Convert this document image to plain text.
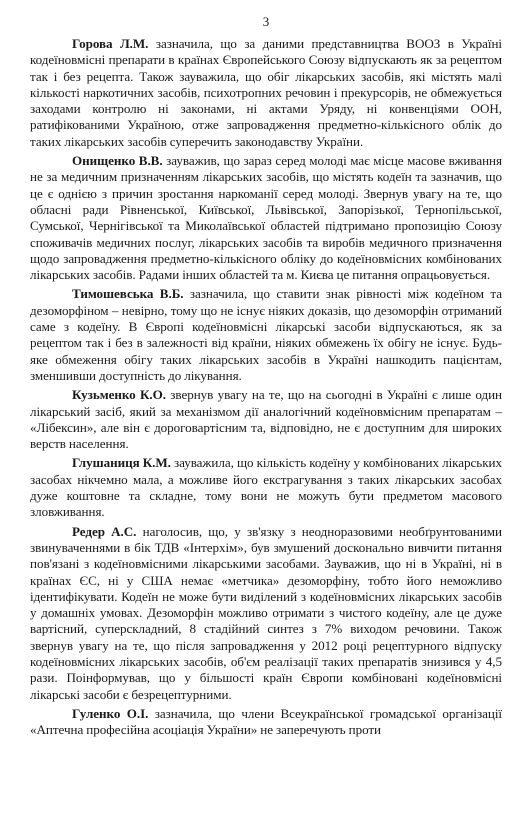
3

Горова Л.М. зазначила, що за даними представництва ВООЗ в Україні кодеїновмісні препарати в країнах Європейського Союзу відпускають як за рецептом так і без рецепта. Також зауважила, що обіг лікарських засобів, які містять малі кількості наркотичних засобів, психотропних речовин і прекурсорів, не обмежується заходами контролю ні законами, ні актами Уряду, ні конвенціями ООН, ратифікованими Україною, отже запровадження предметно-кількісного облік до таких лікарських засобів суперечить законодавству України.

Онищенко В.В. зауважив, що зараз серед молоді має місце масове вживання не за медичним призначенням лікарських засобів, що містять кодеїн та зазначив, що це є однією з причин зростання наркоманії серед молоді. Звернув увагу на те, що обласні ради Рівненської, Київської, Львівської, Запорізької, Тернопільської, Сумської, Чернігівської та Миколаївської областей підтримано пропозицію Союзу споживачів медичних послуг, лікарських засобів та виробів медичного призначення щодо запровадження предметно-кількісного обліку до кодеїновмісних комбінованих лікарських засобів. Радами інших областей та м. Києва це питання опрацьовується.

Тимошевська В.Б. зазначила, що ставити знак рівності між кодеїном та дезоморфіном – невірно, тому що не існує ніяких доказів, що дезоморфін отриманий саме з кодеїну. В Європі кодеїновмісні лікарські засоби відпускаються, як за рецептом так і без в залежності від країни, ніяких обмежень їх обігу не існує. Будь-яке обмеження обігу таких лікарських засобів в Україні нашкодить пацієнтам, зменшивши доступність до лікування.

Кузьменко К.О. звернув увагу на те, що на сьогодні в Україні є лише один лікарський засіб, який за механізмом дії аналогічний кодеїновмісним препаратам – «Лібексин», але він є дороговартісним та, відповідно, не є доступним для широких верств населення.

Глушаниця К.М. зауважила, що кількість кодеїну у комбінованих лікарських засобах нікчемно мала, а можливе його екстрагування з таких лікарських засобах дуже коштовне та складне, тому вони не можуть бути предметом масового зловживання.

Редер А.С. наголосив, що, у зв'язку з неодноразовими необґрунтованими звинуваченнями в бік ТДВ «Інтерхім», був змушений досконально вивчити питання пов'язані з кодеїновмісними лікарськими засобами. Зауважив, що ні в Україні, ні в країнах ЄС, ні у США немає «метчика» дезоморфіну, тобто його неможливо ідентифікувати. Кодеїн не може бути виділений з кодеїновмісних лікарських засобів у домашніх умовах. Дезоморфін можливо отримати з чистого кодеїну, але це дуже вартісний, суперскладний, 8 стадійний синтез з 7% виходом речовини. Також звернув увагу на те, що після запровадження у 2012 році рецептурного відпуску кодеїновмісних лікарських засобів, об'єм реалізації таких препаратів знизився у 4,5 рази. Поінформував, що у більшості країн Європи комбіновані кодеїновмісні лікарські засоби є безрецептурними.

Гуленко О.І. зазначила, що члени Всеукраїнської громадської організації «Аптечна професійна асоціація України» не заперечують проти
